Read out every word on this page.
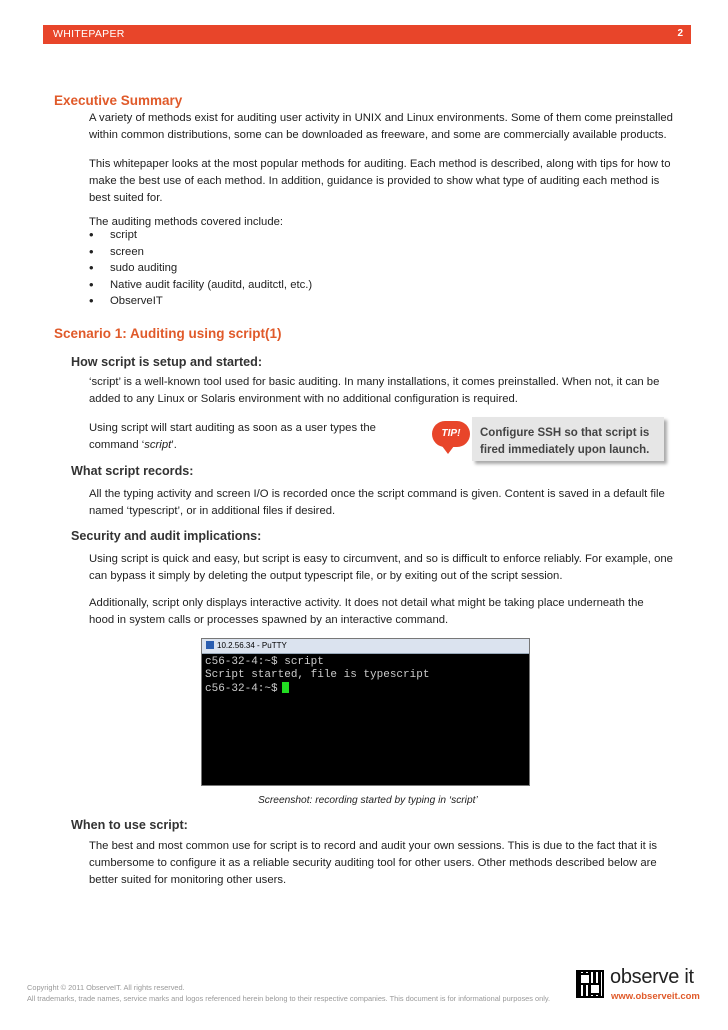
WHITEPAPER	2
Executive Summary
A variety of methods exist for auditing user activity in UNIX and Linux environments. Some of them come preinstalled
within common distributions, some can be downloaded as freeware, and some are commercially available products.
This whitepaper looks at the most popular methods for auditing. Each method is described, along with tips for how to
make the best use of each method. In addition, guidance is provided to show what type of auditing each method is
best suited for.
The auditing methods covered include:
• script
• screen
• sudo auditing
• Native audit facility (auditd, auditctl, etc.)
• ObserveIT
Scenario 1: Auditing using script(1)
How script is setup and started:
‘script’ is a well-known tool used for basic auditing. In many installations, it comes preinstalled. When not, it can be
added to any Linux or Solaris environment with no additional configuration is required.
Using script will start auditing as soon as a user types the
command ‘script’.
TIP!	Configure SSH so that script is
fired immediately upon launch.
What script records:
All the typing activity and screen I/O is recorded once the script command is given. Content is saved in a default file
named ‘typescript’, or in additional files if desired.
Security and audit implications:
Using script is quick and easy, but script is easy to circumvent, and so is difficult to enforce reliably. For example, one
can bypass it simply by deleting the output typescript file, or by exiting out of the script session.
Additionally, script only displays interactive activity. It does not detail what might be taking place underneath the
hood in system calls or processes spawned by an interactive command.
10.2.56.34 - PuTTY
c56-32-4:~$ script
Script started, file is typescript
c56-32-4:~$
Screenshot: recording started by typing in ‘script’
When to use script:
The best and most common use for script is to record and audit your own sessions. This is due to the fact that it is
cumbersome to configure it as a reliable security auditing tool for other users. Other methods described below are
better suited for monitoring other users.
Copyright © 2011 ObserveIT. All rights reserved.
All trademarks, trade names, service marks and logos referenced herein belong to their respective companies. This document is for informational purposes only.
observe it
www.observeit.com
